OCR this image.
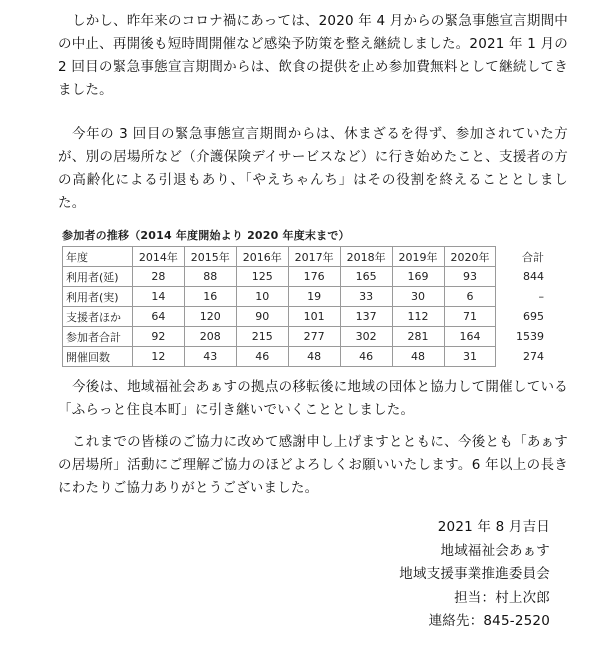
しかし、昨年来のコロナ禍にあっては、2020 年 4 月からの緊急事態宣言期間中の中止、再開後も短時間開催など感染予防策を整え継続しました。2021 年 1 月の 2 回目の緊急事態宣言期間からは、飲食の提供を止め参加費無料として継続してきました。

今年の 3 回目の緊急事態宣言期間からは、休まざるを得ず、参加されていた方が、別の居場所など（介護保険デイサービスなど）に行き始めたこと、支援者の方の高齢化による引退もあり、「やえちゃんち」はその役割を終えることとしました。

参加者の推移（2014 年度開始より 2020 年度末まで）
年度	2014年	2015年	2016年	2017年	2018年	2019年	2020年	合計
利用者(延)	28	88	125	176	165	169	93	844
利用者(実)	14	16	10	19	33	30	6	–
支援者ほか	64	120	90	101	137	112	71	695
参加者合計	92	208	215	277	302	281	164	1539
開催回数	12	43	46	48	46	48	31	274

今後は、地域福祉会あぁすの拠点の移転後に地域の団体と協力して開催している「ふらっと住良本町」に引き継いでいくこととしました。

これまでの皆様のご協力に改めて感謝申し上げますとともに、今後とも「あぁすの居場所」活動にご理解ご協力のほどよろしくお願いいたします。6 年以上の長きにわたりご協力ありがとうございました。

2021 年 8 月吉日
地域福祉会あぁす
地域支援事業推進委員会
担当：村上次郎
連絡先：845-2520
